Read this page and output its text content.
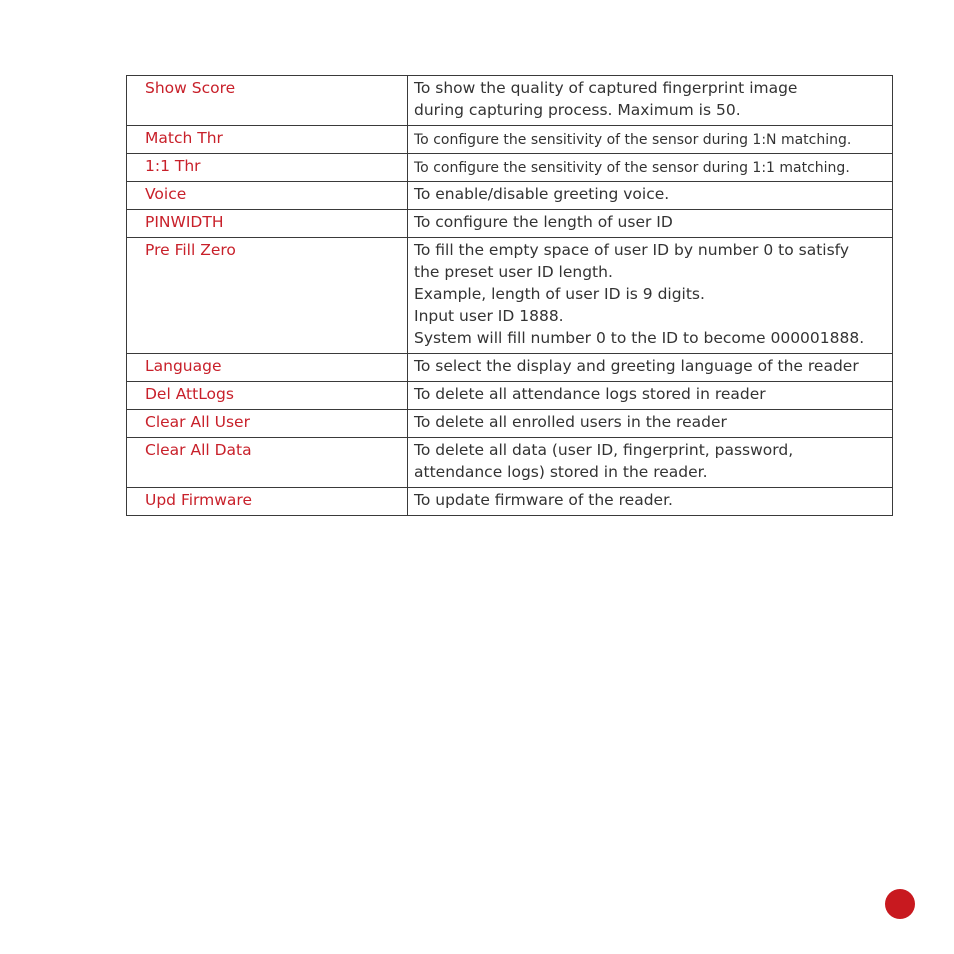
Show Score	To show the quality of captured fingerprint image
during capturing process. Maximum is 50.

Match Thr	To configure the sensitivity of the sensor during 1:N matching.

1:1 Thr	To configure the sensitivity of the sensor during 1:1 matching.

Voice	To enable/disable greeting voice.

PINWIDTH	To configure the length of user ID

Pre Fill Zero	To fill the empty space of user ID by number 0 to satisfy
the preset user ID length.
Example, length of user ID is 9 digits.
Input user ID 1888.
System will fill number 0 to the ID to become 000001888.

Language	To select the display and greeting language of the reader

Del AttLogs	To delete all attendance logs stored in reader

Clear All User	To delete all enrolled users in the reader

Clear All Data	To delete all data (user ID, fingerprint, password,
attendance logs) stored in the reader.

Upd Firmware	To update firmware of the reader.
